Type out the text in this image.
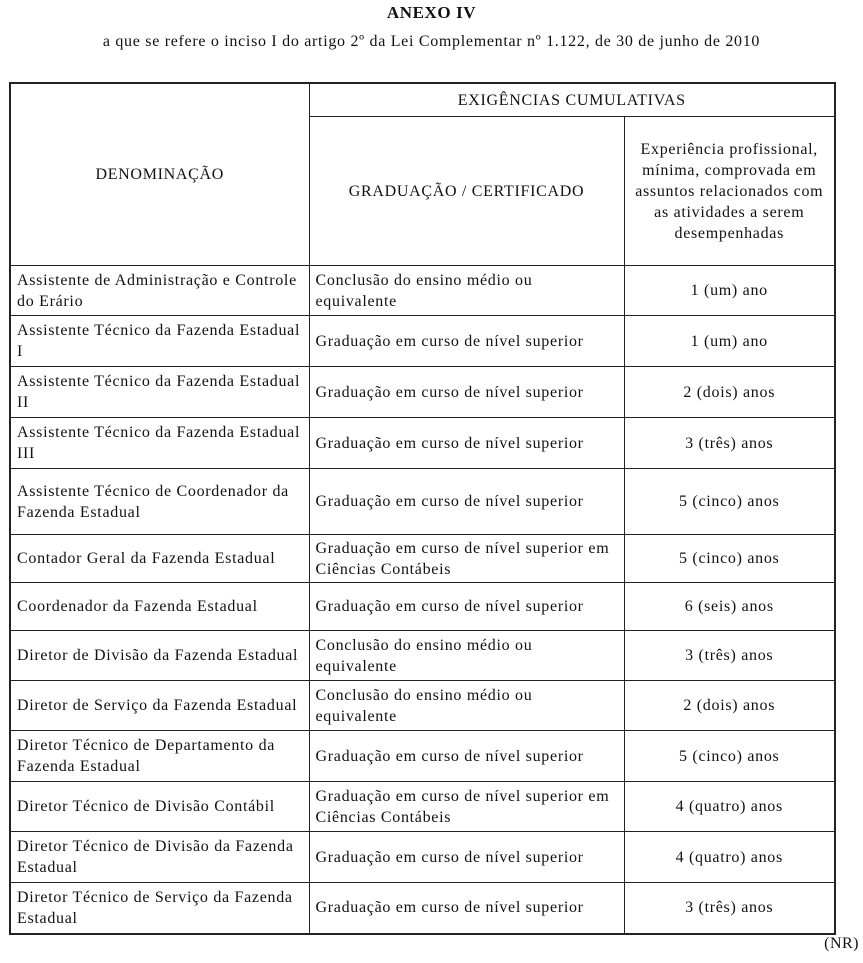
ANEXO IV
a que se refere o inciso I do artigo 2º da Lei Complementar nº 1.122, de 30 de junho de 2010
DENOMINAÇÃO	EXIGÊNCIAS CUMULATIVAS	
	GRADUAÇÃO / CERTIFICADO	Experiência profissional, mínima, comprovada em assuntos relacionados com as atividades a serem desempenhadas
Assistente de Administração e Controle do Erário	Conclusão do ensino médio ou equivalente	1 (um) ano
Assistente Técnico da Fazenda Estadual I	Graduação em curso de nível superior	1 (um) ano
Assistente Técnico da Fazenda Estadual II	Graduação em curso de nível superior	2 (dois) anos
Assistente Técnico da Fazenda Estadual III	Graduação em curso de nível superior	3 (três) anos
Assistente Técnico de Coordenador da Fazenda Estadual	Graduação em curso de nível superior	5 (cinco) anos
Contador Geral da Fazenda Estadual	Graduação em curso de nível superior em Ciências Contábeis	5 (cinco) anos
Coordenador da Fazenda Estadual	Graduação em curso de nível superior	6 (seis) anos
Diretor de Divisão da Fazenda Estadual	Conclusão do ensino médio ou equivalente	3 (três) anos
Diretor de Serviço da Fazenda Estadual	Conclusão do ensino médio ou equivalente	2 (dois) anos
Diretor Técnico de Departamento da Fazenda Estadual	Graduação em curso de nível superior	5 (cinco) anos
Diretor Técnico de Divisão Contábil	Graduação em curso de nível superior em Ciências Contábeis	4 (quatro) anos
Diretor Técnico de Divisão da Fazenda Estadual	Graduação em curso de nível superior	4 (quatro) anos
Diretor Técnico de Serviço da Fazenda Estadual	Graduação em curso de nível superior	3 (três) anos
(NR)
